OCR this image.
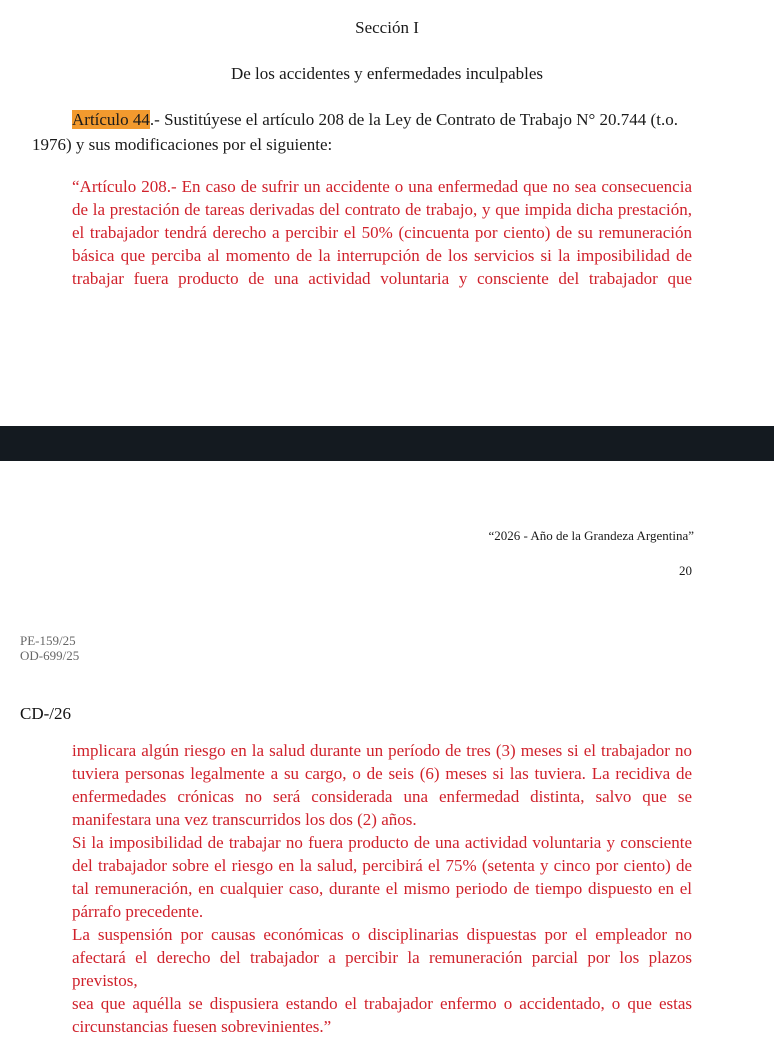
Sección I
De los accidentes y enfermedades inculpables
Artículo 44.- Sustitúyese el artículo 208 de la Ley de Contrato de Trabajo N° 20.744 (t.o.
1976) y sus modificaciones por el siguiente:
“Artículo 208.- En caso de sufrir un accidente o una enfermedad que no sea consecuencia
de la prestación de tareas derivadas del contrato de trabajo, y que impida dicha prestación,
el trabajador tendrá derecho a percibir el 50% (cincuenta por ciento) de su remuneración
básica que perciba al momento de la interrupción de los servicios si la imposibilidad de
trabajar fuera producto de una actividad voluntaria y consciente del trabajador que
“2026 - Año de la Grandeza Argentina”
20
PE-159/25
OD-699/25
CD-/26
implicara algún riesgo en la salud durante un período de tres (3) meses si el trabajador no
tuviera personas legalmente a su cargo, o de seis (6) meses si las tuviera. La recidiva de
enfermedades crónicas no será considerada una enfermedad distinta, salvo que se
manifestara una vez transcurridos los dos (2) años.
Si la imposibilidad de trabajar no fuera producto de una actividad voluntaria y consciente
del trabajador sobre el riesgo en la salud, percibirá el 75% (setenta y cinco por ciento) de
tal remuneración, en cualquier caso, durante el mismo periodo de tiempo dispuesto en el
párrafo precedente.
La suspensión por causas económicas o disciplinarias dispuestas por el empleador no
afectará el derecho del trabajador a percibir la remuneración parcial por los plazos previstos,
sea que aquélla se dispusiera estando el trabajador enfermo o accidentado, o que estas
circunstancias fuesen sobrevinientes.”
